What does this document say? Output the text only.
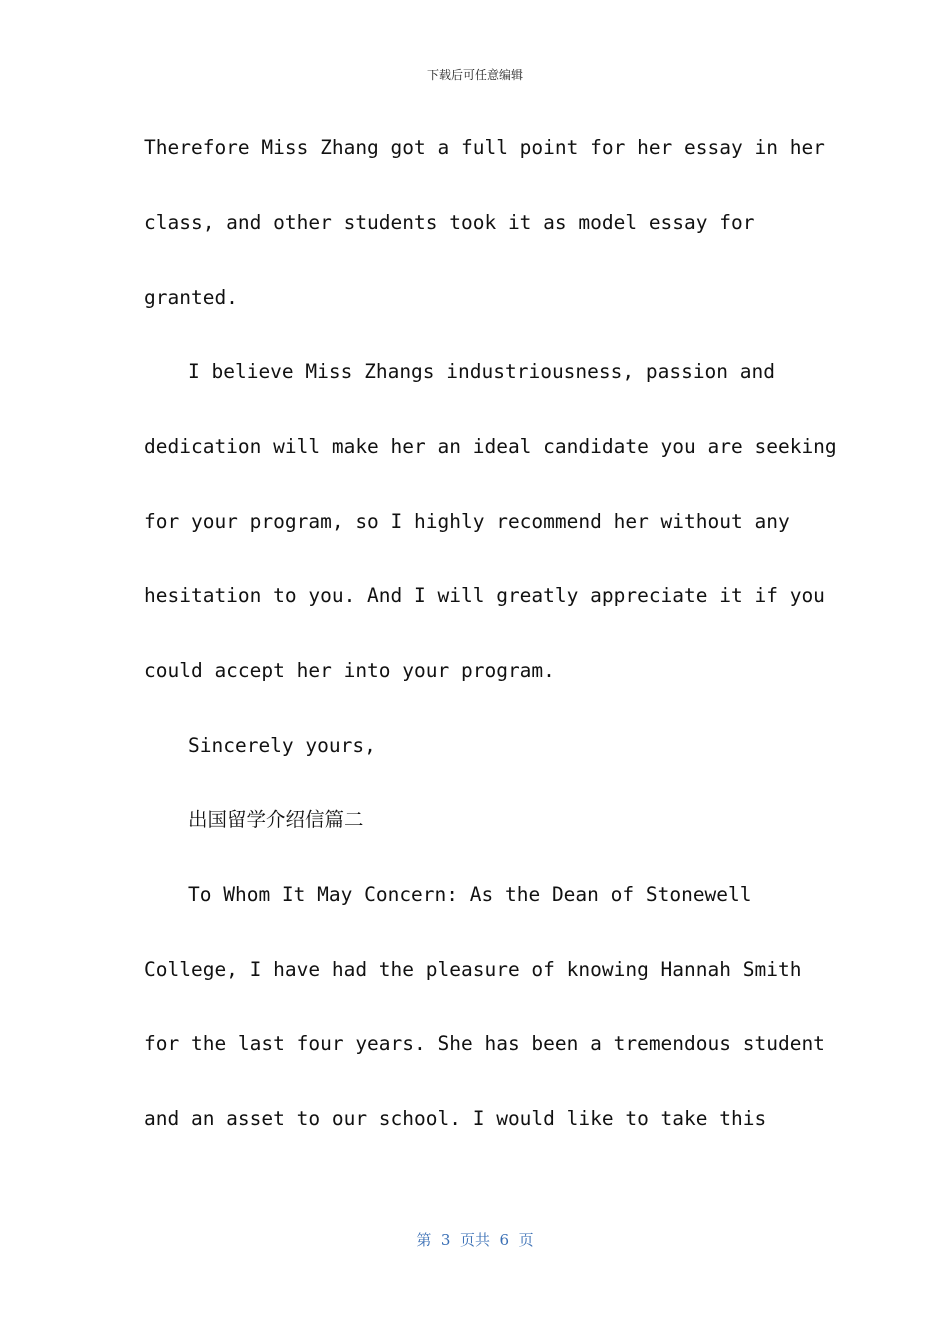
下载后可任意编辑
Therefore Miss Zhang got a full point for her essay in her
class, and other students took it as model essay for
granted.
I believe Miss Zhangs industriousness, passion and
dedication will make her an ideal candidate you are seeking
for your program, so I highly recommend her without any
hesitation to you. And I will greatly appreciate it if you
could accept her into your program.
Sincerely yours,
出国留学介绍信篇二
To Whom It May Concern: As the Dean of Stonewell
College, I have had the pleasure of knowing Hannah Smith
for the last four years. She has been a tremendous student
and an asset to our school. I would like to take this
第  3  页共  6  页
